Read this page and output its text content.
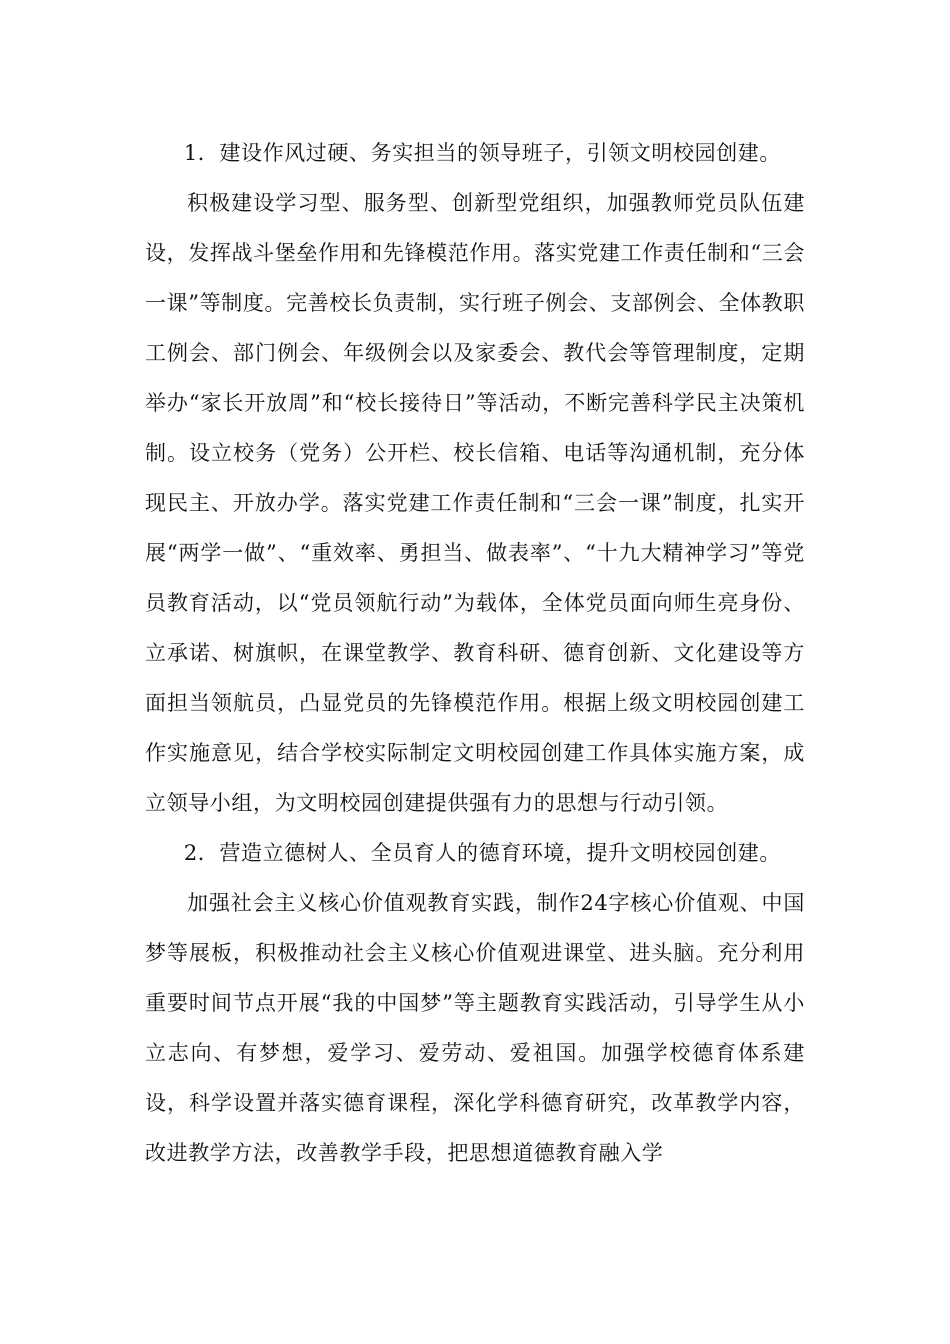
1．建设作风过硬、务实担当的领导班子，引领文明校园创建。

积极建设学习型、服务型、创新型党组织，加强教师党员队伍建设，发挥战斗堡垒作用和先锋模范作用。落实党建工作责任制和“三会一课”等制度。完善校长负责制，实行班子例会、支部例会、全体教职工例会、部门例会、年级例会以及家委会、教代会等管理制度，定期举办“家长开放周”和“校长接待日”等活动，不断完善科学民主决策机制。设立校务（党务）公开栏、校长信箱、电话等沟通机制，充分体现民主、开放办学。落实党建工作责任制和“三会一课”制度，扎实开展“两学一做”、“重效率、勇担当、做表率”、“十九大精神学习”等党员教育活动，以“党员领航行动”为载体，全体党员面向师生亮身份、立承诺、树旗帜，在课堂教学、教育科研、德育创新、文化建设等方面担当领航员，凸显党员的先锋模范作用。根据上级文明校园创建工作实施意见，结合学校实际制定文明校园创建工作具体实施方案，成立领导小组，为文明校园创建提供强有力的思想与行动引领。

2．营造立德树人、全员育人的德育环境，提升文明校园创建。

加强社会主义核心价值观教育实践，制作24字核心价值观、中国梦等展板，积极推动社会主义核心价值观进课堂、进头脑。充分利用重要时间节点开展“我的中国梦”等主题教育实践活动，引导学生从小立志向、有梦想，爱学习、爱劳动、爱祖国。加强学校德育体系建设，科学设置并落实德育课程，深化学科德育研究，改革教学内容，改进教学方法，改善教学手段，把思想道德教育融入学
